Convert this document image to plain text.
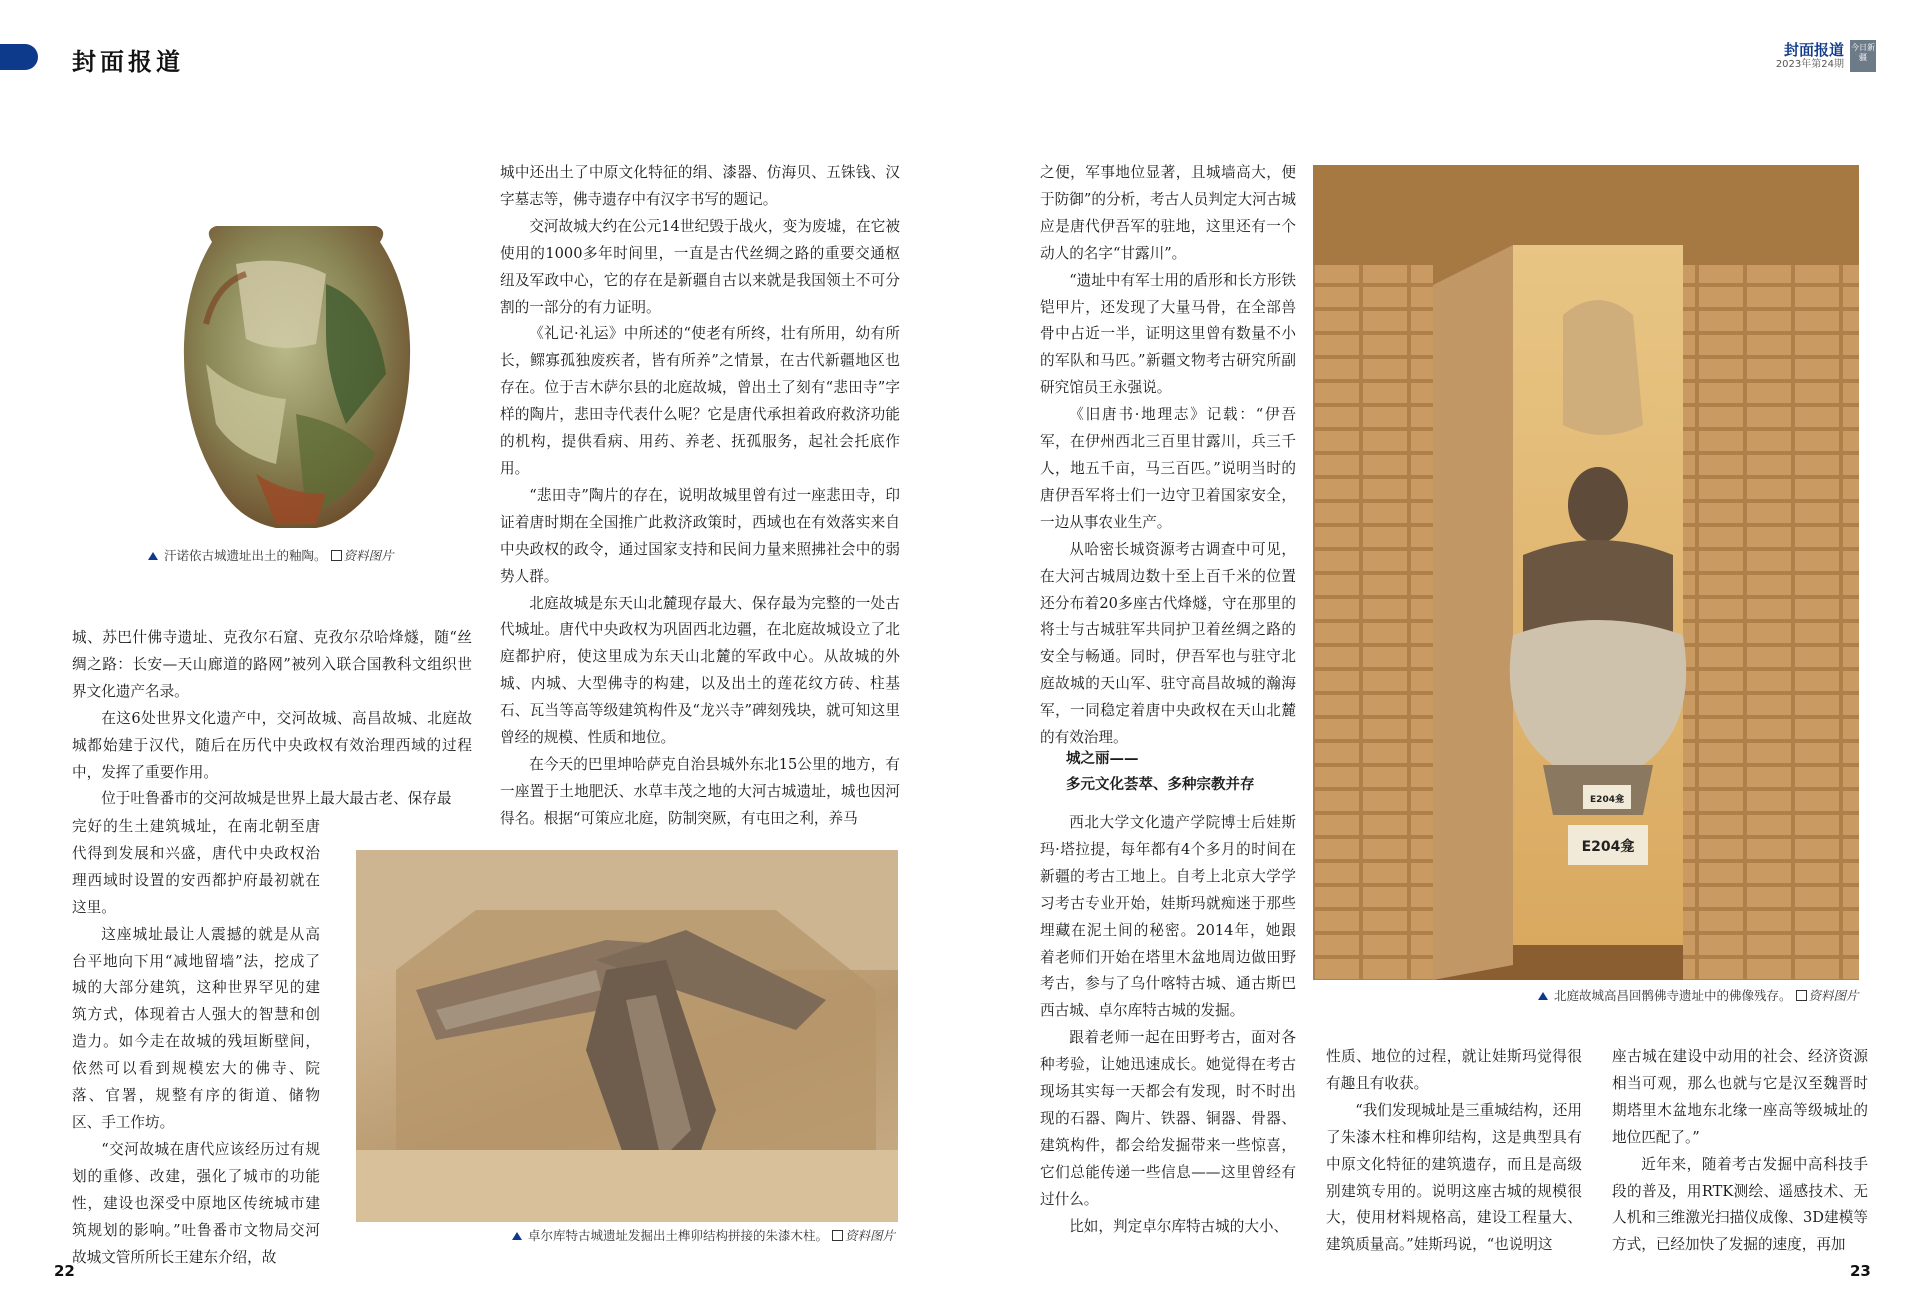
封面报道	封面报道
2023年第24期
今日新疆
汗诺依古城遗址出土的釉陶。 资料图片

城、苏巴什佛寺遗址、克孜尔石窟、克孜尔尕哈烽燧，随“丝绸之路：长安—天山廊道的路网”被列入联合国教科文组织世界文化遗产名录。

在这6处世界文化遗产中，交河故城、高昌故城、北庭故城都始建于汉代，随后在历代中央政权有效治理西域的过程中，发挥了重要作用。

位于吐鲁番市的交河故城是世界上最大最古老、保存最

完好的生土建筑城址，在南北朝至唐代得到发展和兴盛，唐代中央政权治理西域时设置的安西都护府最初就在这里。

这座城址最让人震撼的就是从高台平地向下用“减地留墙”法，挖成了城的大部分建筑，这种世界罕见的建筑方式，体现着古人强大的智慧和创造力。如今走在故城的残垣断壁间，依然可以看到规模宏大的佛寺、院落、官署，规整有序的街道、储物区、手工作坊。

“交河故城在唐代应该经历过有规划的重修、改建，强化了城市的功能性，建设也深受中原地区传统城市建筑规划的影响。”吐鲁番市文物局交河故城文管所所长王建东介绍，故

城中还出土了中原文化特征的绢、漆器、仿海贝、五铢钱、汉字墓志等，佛寺遗存中有汉字书写的题记。

交河故城大约在公元14世纪毁于战火，变为废墟，在它被使用的1000多年时间里，一直是古代丝绸之路的重要交通枢纽及军政中心，它的存在是新疆自古以来就是我国领土不可分割的一部分的有力证明。

《礼记·礼运》中所述的“使老有所终，壮有所用，幼有所长，鳏寡孤独废疾者，皆有所养”之情景，在古代新疆地区也存在。位于吉木萨尔县的北庭故城，曾出土了刻有“悲田寺”字样的陶片，悲田寺代表什么呢？它是唐代承担着政府救济功能的机构，提供看病、用药、养老、抚孤服务，起社会托底作用。

“悲田寺”陶片的存在，说明故城里曾有过一座悲田寺，印证着唐时期在全国推广此救济政策时，西域也在有效落实来自中央政权的政令，通过国家支持和民间力量来照拂社会中的弱势人群。

北庭故城是东天山北麓现存最大、保存最为完整的一处古代城址。唐代中央政权为巩固西北边疆，在北庭故城设立了北庭都护府，使这里成为东天山北麓的军政中心。从故城的外城、内城、大型佛寺的构建，以及出土的莲花纹方砖、柱基石、瓦当等高等级建筑构件及“龙兴寺”碑刻残块，就可知这里曾经的规模、性质和地位。

在今天的巴里坤哈萨克自治县城外东北15公里的地方，有一座置于土地肥沃、水草丰茂之地的大河古城遗址，城也因河得名。根据“可策应北庭，防制突厥，有屯田之利，养马

卓尔库特古城遗址发掘出土榫卯结构拼接的朱漆木柱。 资料图片
22

之便，军事地位显著，且城墙高大，便于防御”的分析，考古人员判定大河古城应是唐代伊吾军的驻地，这里还有一个动人的名字“甘露川”。

“遗址中有军士用的盾形和长方形铁铠甲片，还发现了大量马骨，在全部兽骨中占近一半，证明这里曾有数量不小的军队和马匹。”新疆文物考古研究所副研究馆员王永强说。

《旧唐书·地理志》记载：“伊吾军，在伊州西北三百里甘露川，兵三千人，地五千亩，马三百匹。”说明当时的唐伊吾军将士们一边守卫着国家安全，一边从事农业生产。

从哈密长城资源考古调查中可见，在大河古城周边数十至上百千米的位置还分布着20多座古代烽燧，守在那里的将士与古城驻军共同护卫着丝绸之路的安全与畅通。同时，伊吾军也与驻守北庭故城的天山军、驻守高昌故城的瀚海军，一同稳定着唐中央政权在天山北麓的有效治理。

城之丽——
多元文化荟萃、多种宗教并存

西北大学文化遗产学院博士后娃斯玛·塔拉提，每年都有4个多月的时间在新疆的考古工地上。自考上北京大学学习考古专业开始，娃斯玛就痴迷于那些埋藏在泥土间的秘密。2014年，她跟着老师们开始在塔里木盆地周边做田野考古，参与了乌什喀特古城、通古斯巴西古城、卓尔库特古城的发掘。

跟着老师一起在田野考古，面对各种考验，让她迅速成长。她觉得在考古现场其实每一天都会有发现，时不时出现的石器、陶片、铁器、铜器、骨器、建筑构件，都会给发掘带来一些惊喜，它们总能传递一些信息——这里曾经有过什么。

比如，判定卓尔库特古城的大小、

E204龛
E204龛
北庭故城高昌回鹘佛寺遗址中的佛像残存。 资料图片

性质、地位的过程，就让娃斯玛觉得很有趣且有收获。

“我们发现城址是三重城结构，还用了朱漆木柱和榫卯结构，这是典型具有中原文化特征的建筑遗存，而且是高级别建筑专用的。说明这座古城的规模很大，使用材料规格高，建设工程量大、建筑质量高。”娃斯玛说，“也说明这

座古城在建设中动用的社会、经济资源相当可观，那么也就与它是汉至魏晋时期塔里木盆地东北缘一座高等级城址的地位匹配了。”

近年来，随着考古发掘中高科技手段的普及，用RTK测绘、遥感技术、无人机和三维激光扫描仪成像、3D建模等方式，已经加快了发掘的速度，再加

23
